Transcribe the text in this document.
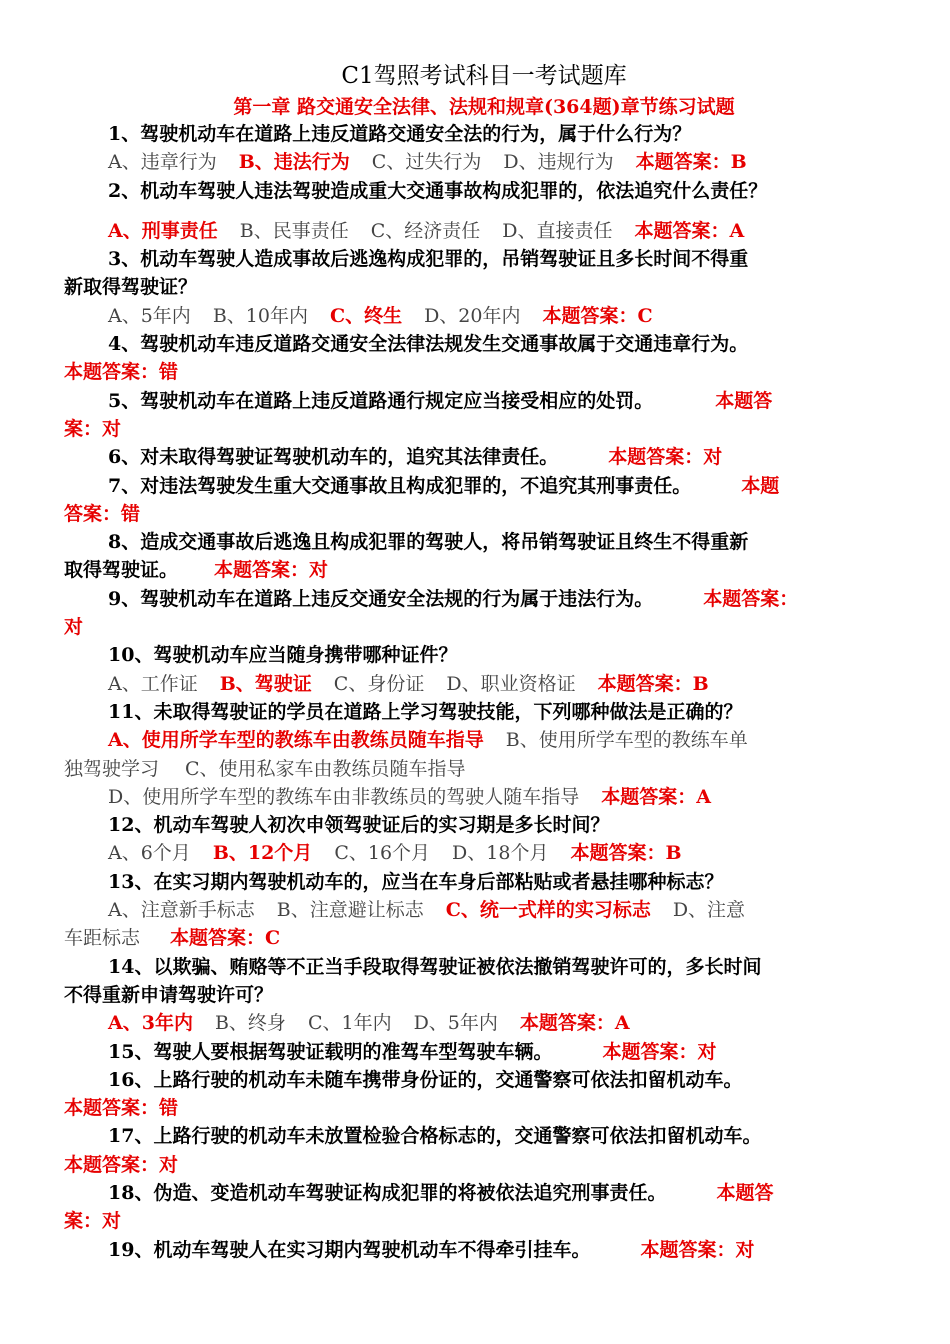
C1驾照考试科目一考试题库
第一章 路交通安全法律、法规和规章(364题)章节练习试题
1、驾驶机动车在道路上违反道路交通安全法的行为，属于什么行为？
A、违章行为 B、违法行为 C、过失行为 D、违规行为 本题答案：B
2、机动车驾驶人违法驾驶造成重大交通事故构成犯罪的，依法追究什么责任？
A、刑事责任 B、民事责任 C、经济责任 D、直接责任 本题答案：A
3、机动车驾驶人造成事故后逃逸构成犯罪的，吊销驾驶证且多长时间不得重
新取得驾驶证？
A、5年内 B、10年内 C、终生 D、20年内 本题答案：C
4、驾驶机动车违反道路交通安全法律法规发生交通事故属于交通违章行为。
本题答案：错
5、驾驶机动车在道路上违反道路通行规定应当接受相应的处罚。	本题答
案：对
6、对未取得驾驶证驾驶机动车的，追究其法律责任。	本题答案：对
7、对违法驾驶发生重大交通事故且构成犯罪的，不追究其刑事责任。	本题
答案：错
8、造成交通事故后逃逸且构成犯罪的驾驶人，将吊销驾驶证且终生不得重新
取得驾驶证。 本题答案：对
9、驾驶机动车在道路上违反交通安全法规的行为属于违法行为。	本题答案：
对
10、驾驶机动车应当随身携带哪种证件？
A、工作证 B、驾驶证 C、身份证 D、职业资格证 本题答案：B
11、未取得驾驶证的学员在道路上学习驾驶技能，下列哪种做法是正确的？
A、使用所学车型的教练车由教练员随车指导 B、使用所学车型的教练车单
独驾驶学习 C、使用私家车由教练员随车指导
D、使用所学车型的教练车由非教练员的驾驶人随车指导 本题答案：A
12、机动车驾驶人初次申领驾驶证后的实习期是多长时间？
A、6个月 B、12个月 C、16个月 D、18个月 本题答案：B
13、在实习期内驾驶机动车的，应当在车身后部粘贴或者悬挂哪种标志？
A、注意新手标志 B、注意避让标志 C、统一式样的实习标志 D、注意
车距标志 本题答案：C
14、以欺骗、贿赂等不正当手段取得驾驶证被依法撤销驾驶许可的，多长时间
不得重新申请驾驶许可？
A、3年内 B、终身 C、1年内 D、5年内 本题答案：A
15、驾驶人要根据驾驶证载明的准驾车型驾驶车辆。	本题答案：对
16、上路行驶的机动车未随车携带身份证的，交通警察可依法扣留机动车。
本题答案：错
17、上路行驶的机动车未放置检验合格标志的，交通警察可依法扣留机动车。
本题答案：对
18、伪造、变造机动车驾驶证构成犯罪的将被依法追究刑事责任。	本题答
案：对
19、机动车驾驶人在实习期内驾驶机动车不得牵引挂车。	本题答案：对
